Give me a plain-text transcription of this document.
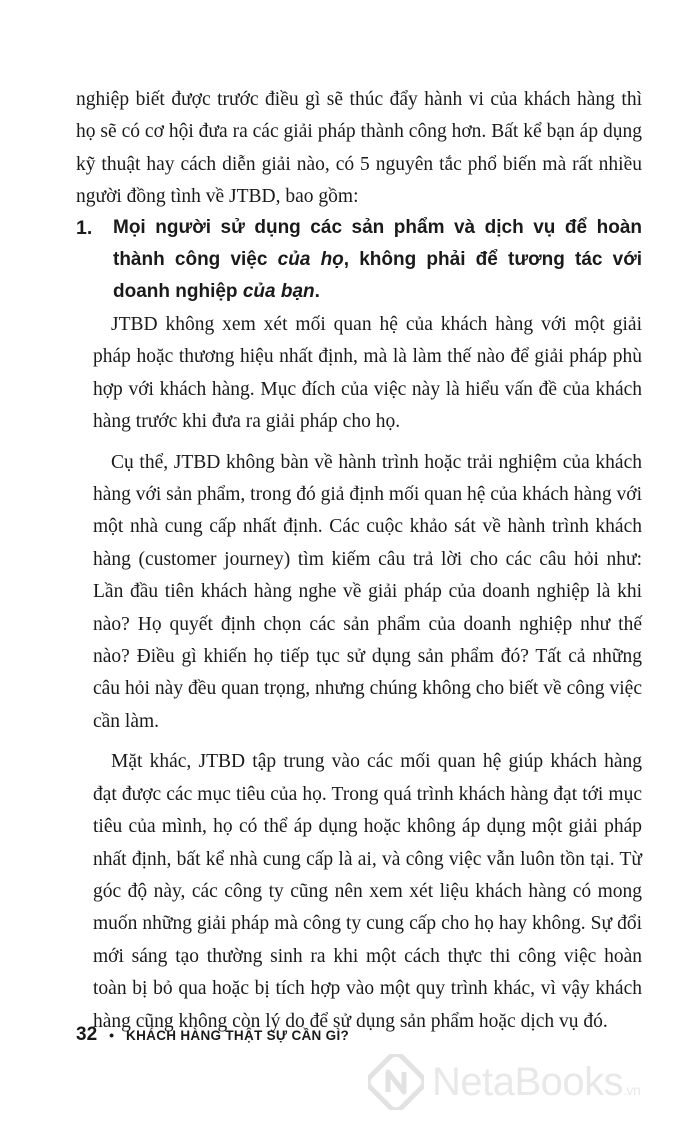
nghiệp biết được trước điều gì sẽ thúc đẩy hành vi của khách hàng thì họ sẽ có cơ hội đưa ra các giải pháp thành công hơn. Bất kể bạn áp dụng kỹ thuật hay cách diễn giải nào, có 5 nguyên tắc phổ biến mà rất nhiều người đồng tình về JTBD, bao gồm:

1. Mọi người sử dụng các sản phẩm và dịch vụ để hoàn thành công việc của họ, không phải để tương tác với doanh nghiệp của bạn.

JTBD không xem xét mối quan hệ của khách hàng với một giải pháp hoặc thương hiệu nhất định, mà là làm thế nào để giải pháp phù hợp với khách hàng. Mục đích của việc này là hiểu vấn đề của khách hàng trước khi đưa ra giải pháp cho họ.

Cụ thể, JTBD không bàn về hành trình hoặc trải nghiệm của khách hàng với sản phẩm, trong đó giả định mối quan hệ của khách hàng với một nhà cung cấp nhất định. Các cuộc khảo sát về hành trình khách hàng (customer journey) tìm kiếm câu trả lời cho các câu hỏi như: Lần đầu tiên khách hàng nghe về giải pháp của doanh nghiệp là khi nào? Họ quyết định chọn các sản phẩm của doanh nghiệp như thế nào? Điều gì khiến họ tiếp tục sử dụng sản phẩm đó? Tất cả những câu hỏi này đều quan trọng, nhưng chúng không cho biết về công việc cần làm.

Mặt khác, JTBD tập trung vào các mối quan hệ giúp khách hàng đạt được các mục tiêu của họ. Trong quá trình khách hàng đạt tới mục tiêu của mình, họ có thể áp dụng hoặc không áp dụng một giải pháp nhất định, bất kể nhà cung cấp là ai, và công việc vẫn luôn tồn tại. Từ góc độ này, các công ty cũng nên xem xét liệu khách hàng có mong muốn những giải pháp mà công ty cung cấp cho họ hay không. Sự đổi mới sáng tạo thường sinh ra khi một cách thực thi công việc hoàn toàn bị bỏ qua hoặc bị tích hợp vào một quy trình khác, vì vậy khách hàng cũng không còn lý do để sử dụng sản phẩm hoặc dịch vụ đó.

32 • KHÁCH HÀNG THẬT SỰ CẦN GÌ?
NetaBooks.vn
